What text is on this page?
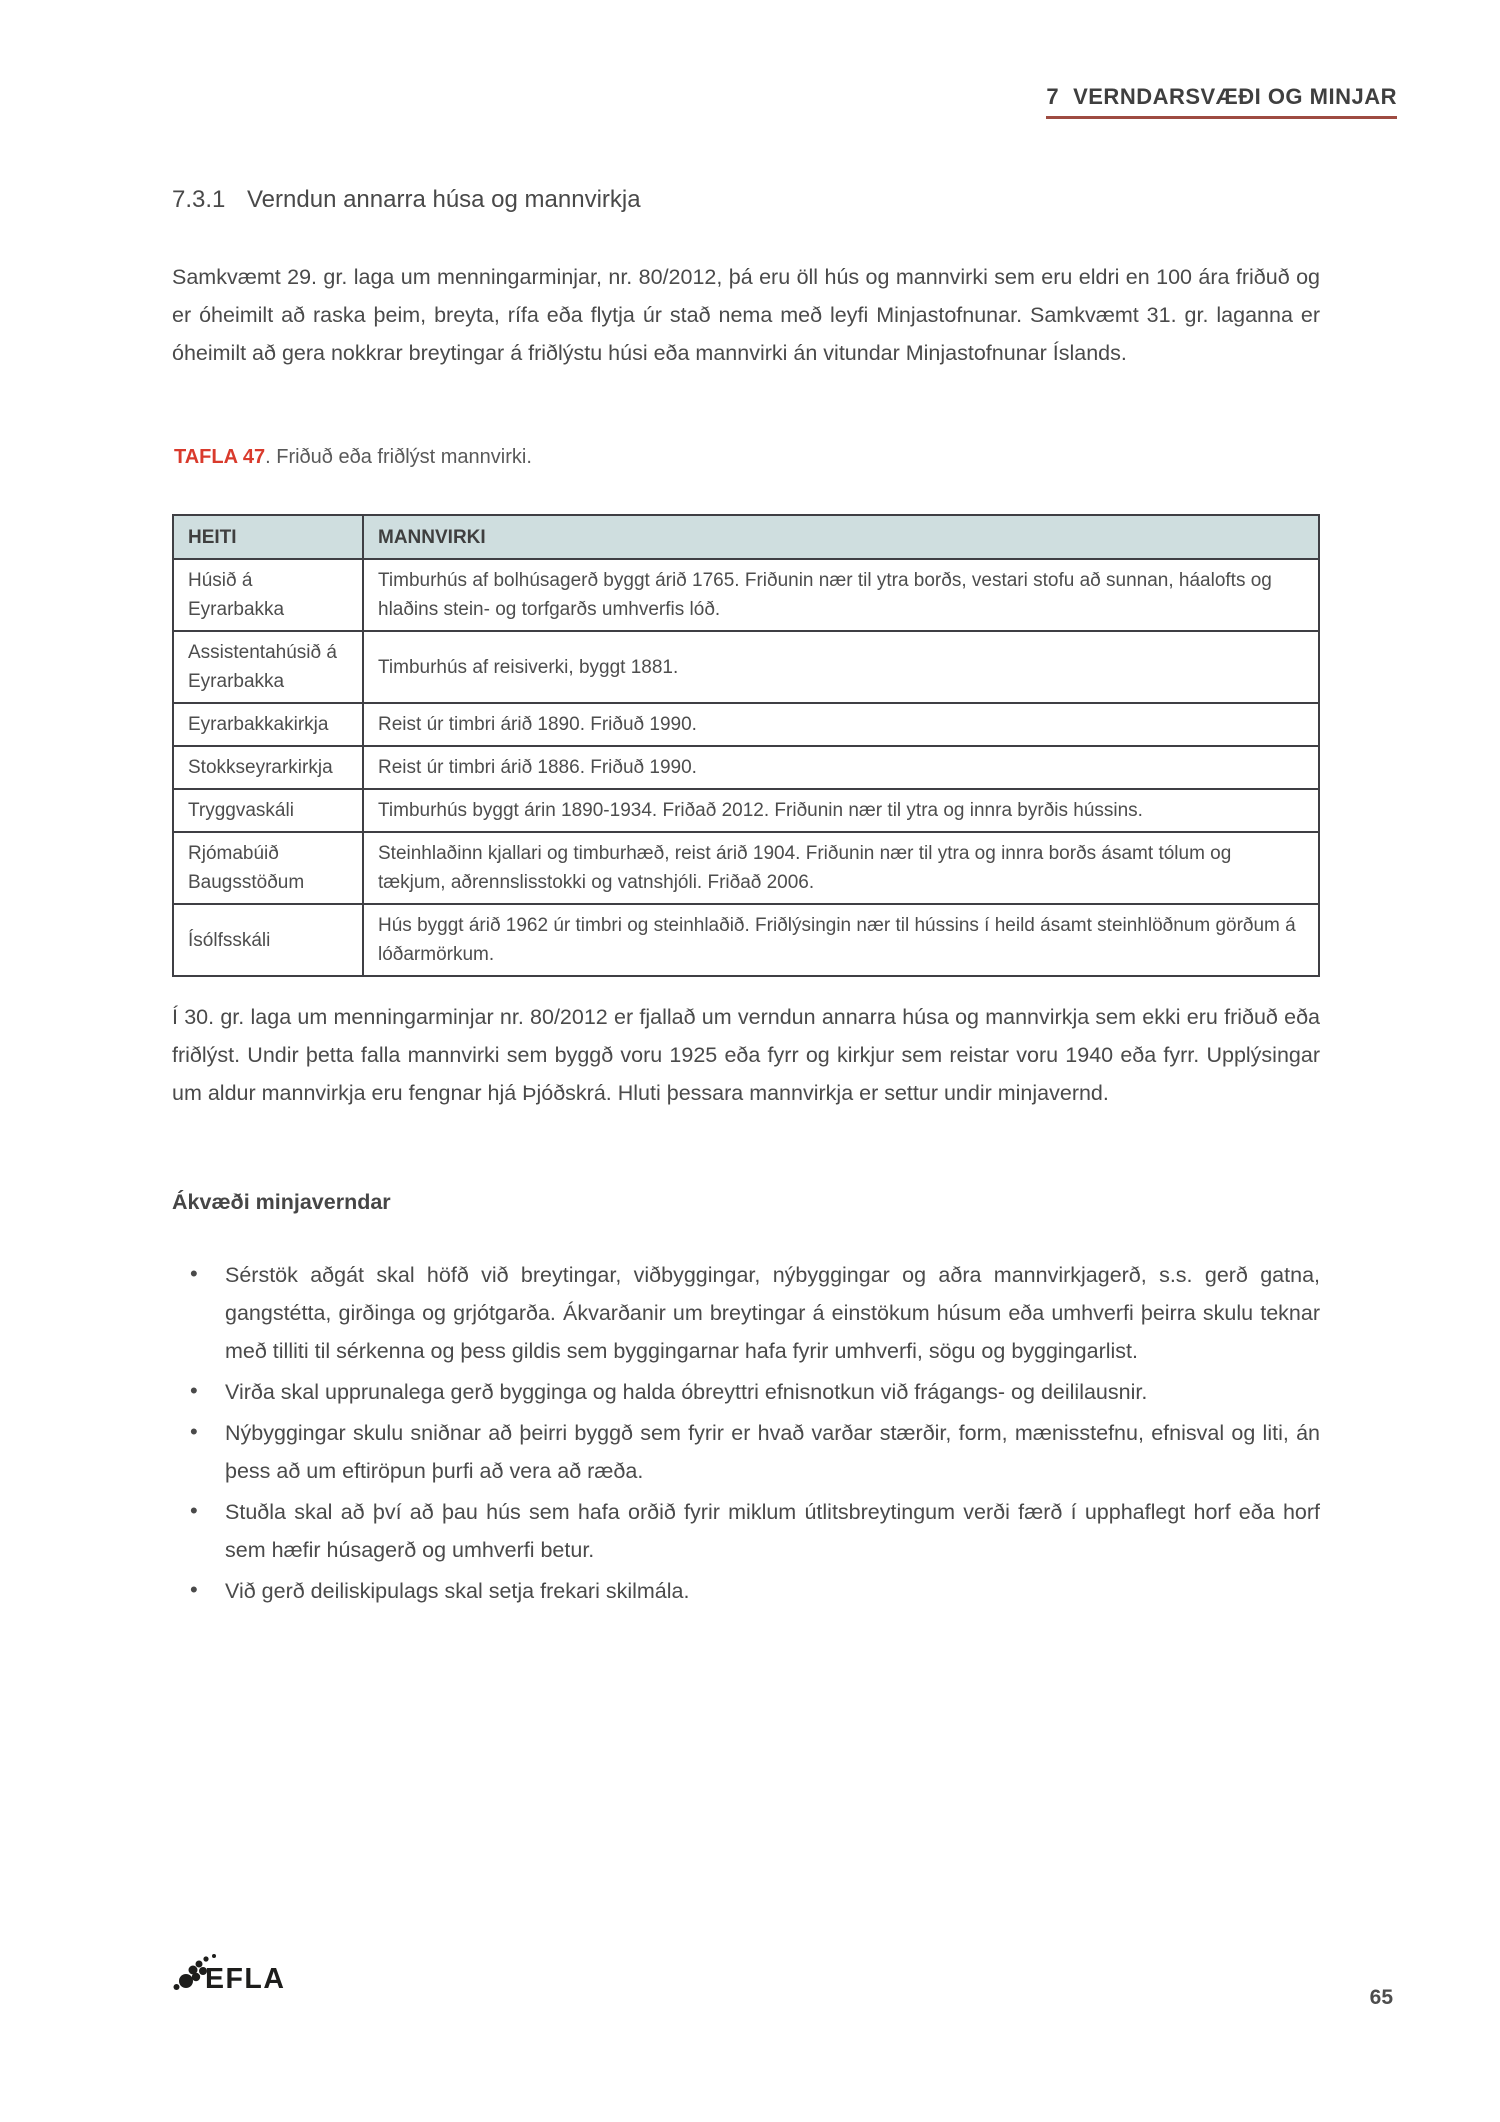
7 VERNDARSVÆÐI OG MINJAR
7.3.1 Verndun annarra húsa og mannvirkja

Samkvæmt 29. gr. laga um menningarminjar, nr. 80/2012, þá eru öll hús og mannvirki sem eru eldri en 100 ára friðuð og er óheimilt að raska þeim, breyta, rífa eða flytja úr stað nema með leyfi Minjastofnunar. Samkvæmt 31. gr. laganna er óheimilt að gera nokkrar breytingar á friðlýstu húsi eða mannvirki án vitundar Minjastofnunar Íslands.

TAFLA 47. Friðuð eða friðlýst mannvirki.

HEITI	MANNVIRKI
Húsið á Eyrarbakka	Timburhús af bolhúsagerð byggt árið 1765. Friðunin nær til ytra borðs, vestari stofu að sunnan, háalofts og hlaðins stein- og torfgarðs umhverfis lóð.
Assistentahúsið á Eyrarbakka	Timburhús af reisiverki, byggt 1881.
Eyrarbakkakirkja	Reist úr timbri árið 1890. Friðuð 1990.
Stokkseyrarkirkja	Reist úr timbri árið 1886. Friðuð 1990.
Tryggvaskáli	Timburhús byggt árin 1890-1934. Friðað 2012. Friðunin nær til ytra og innra byrðis hússins.
Rjómabúið Baugsstöðum	Steinhlaðinn kjallari og timburhæð, reist árið 1904. Friðunin nær til ytra og innra borðs ásamt tólum og tækjum, aðrennslisstokki og vatnshjóli. Friðað 2006.
Ísólfsskáli	Hús byggt árið 1962 úr timbri og steinhlaðið. Friðlýsingin nær til hússins í heild ásamt steinhlöðnum görðum á lóðarmörkum.

Í 30. gr. laga um menningarminjar nr. 80/2012 er fjallað um verndun annarra húsa og mannvirkja sem ekki eru friðuð eða friðlýst. Undir þetta falla mannvirki sem byggð voru 1925 eða fyrr og kirkjur sem reistar voru 1940 eða fyrr. Upplýsingar um aldur mannvirkja eru fengnar hjá Þjóðskrá. Hluti þessara mannvirkja er settur undir minjavernd.

Ákvæði minjaverndar
• Sérstök aðgát skal höfð við breytingar, viðbyggingar, nýbyggingar og aðra mannvirkjagerð, s.s. gerð gatna, gangstétta, girðinga og grjótgarða. Ákvarðanir um breytingar á einstökum húsum eða umhverfi þeirra skulu teknar með tilliti til sérkenna og þess gildis sem byggingarnar hafa fyrir umhverfi, sögu og byggingarlist.
• Virða skal upprunalega gerð bygginga og halda óbreyttri efnisnotkun við frágangs- og deililausnir.
• Nýbyggingar skulu sniðnar að þeirri byggð sem fyrir er hvað varðar stærðir, form, mænisstefnu, efnisval og liti, án þess að um eftiröpun þurfi að vera að ræða.
• Stuðla skal að því að þau hús sem hafa orðið fyrir miklum útlitsbreytingum verði færð í upphaflegt horf eða horf sem hæfir húsagerð og umhverfi betur.
• Við gerð deiliskipulags skal setja frekari skilmála.
EFLA
65
